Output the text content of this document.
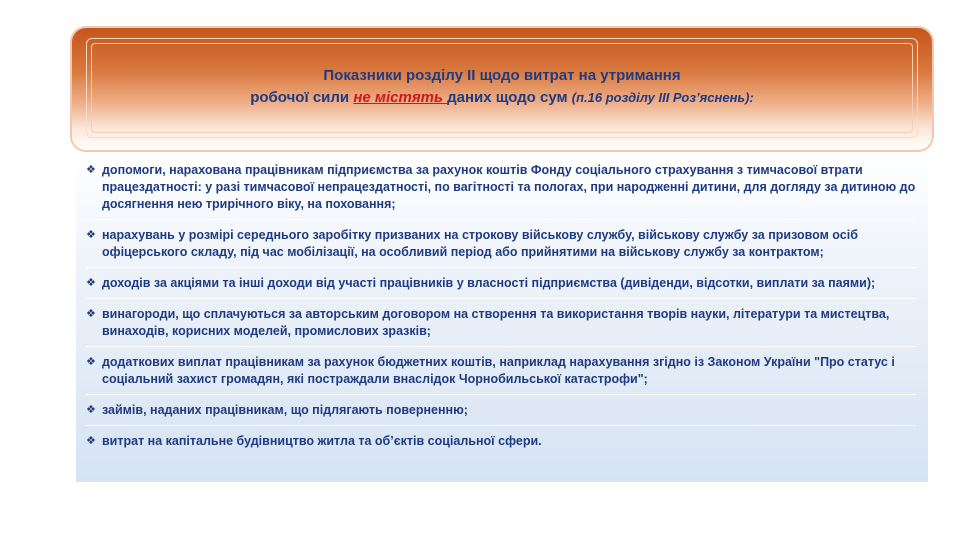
Показники розділу ІІ щодо витрат на утримання
робочої сили не містять даних щодо сум (п.16 розділу ІІІ Роз’яснень):
❖ допомоги, нарахована працівникам підприємства за рахунок коштів Фонду соціального страхування з тимчасової втрати працездатності: у разі тимчасової непрацездатності, по вагітності та пологах, при народженні дитини, для догляду за дитиною до досягнення нею трирічного віку, на поховання;
❖ нарахувань у розмірі середнього заробітку призваних на строкову військову службу, військову службу за призовом осіб офіцерського складу, під час мобілізації, на особливий період або прийнятими на військову службу за контрактом;
❖ доходів за акціями та інші доходи від участі працівників у власності підприємства (дивіденди, відсотки, виплати за паями);
❖ винагороди, що сплачуються за авторським договором на створення та використання творів науки, літератури та мистецтва, винаходів, корисних моделей, промислових зразків;
❖ додаткових виплат працівникам за рахунок бюджетних коштів, наприклад нарахування згідно із Законом України "Про статус і соціальний захист громадян, які постраждали внаслідок Чорнобильської катастрофи";
❖ займів, наданих працівникам, що підлягають поверненню;
❖ витрат на капітальне будівництво житла та об’єктів соціальної сфери.
